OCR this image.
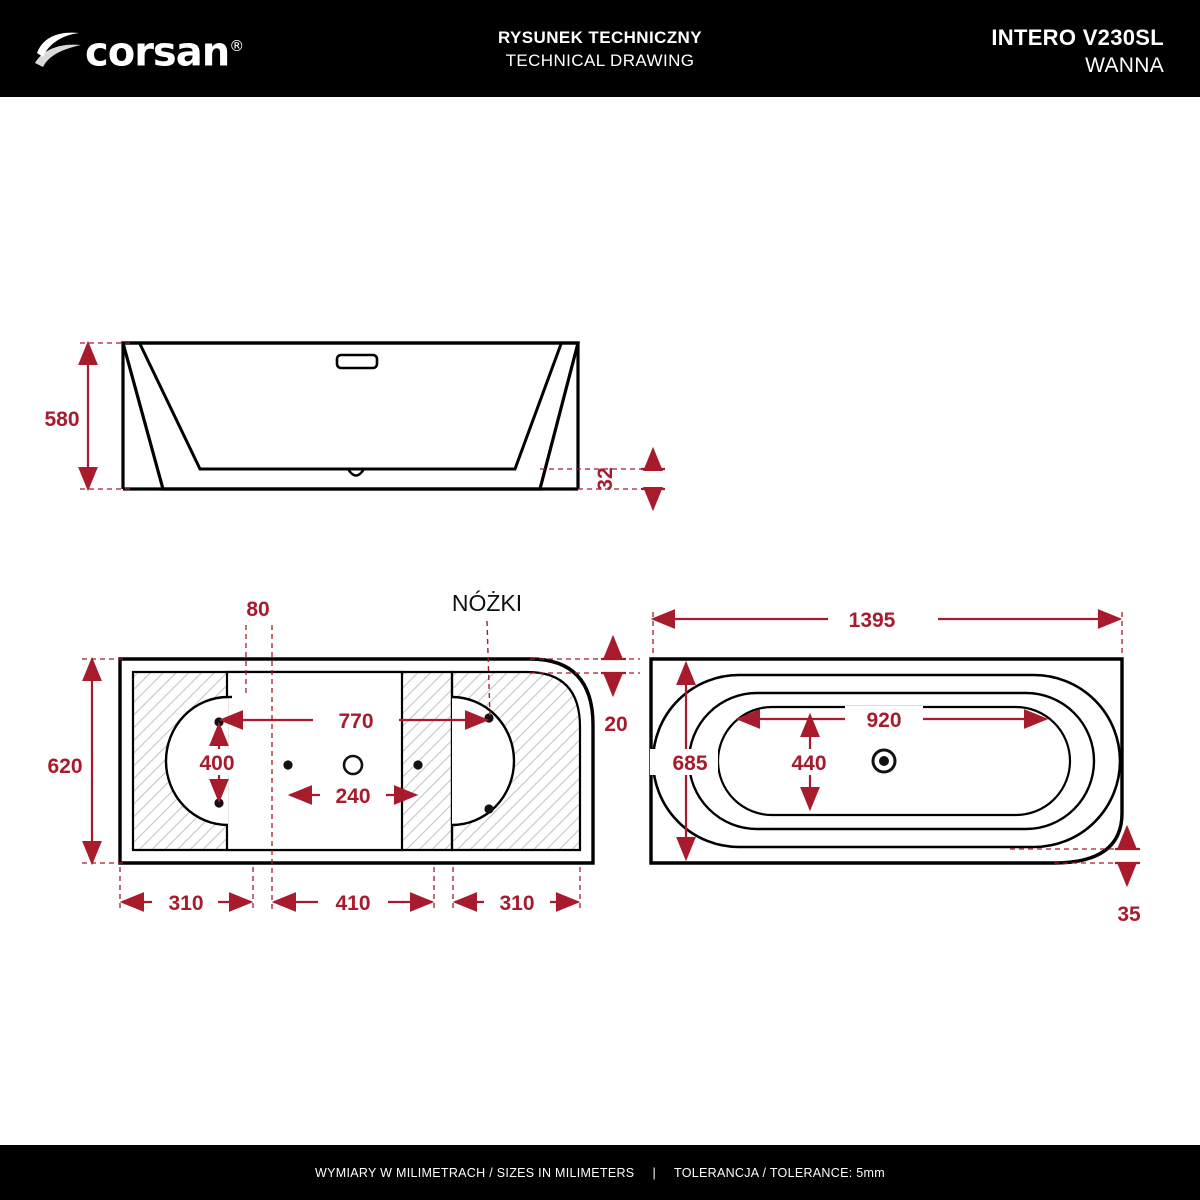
corsan®	RYSUNEK TECHNICZNY
TECHNICAL DRAWING
INTERO V230SL
WANNA
580
32
NÓŻKI
620
80
770
400
240
310	410	310
20
1395
685
920
440
35
WYMIARY W MILIMETRACH / SIZES IN MILIMETERS	|	TOLERANCJA / TOLERANCE: 5mm
